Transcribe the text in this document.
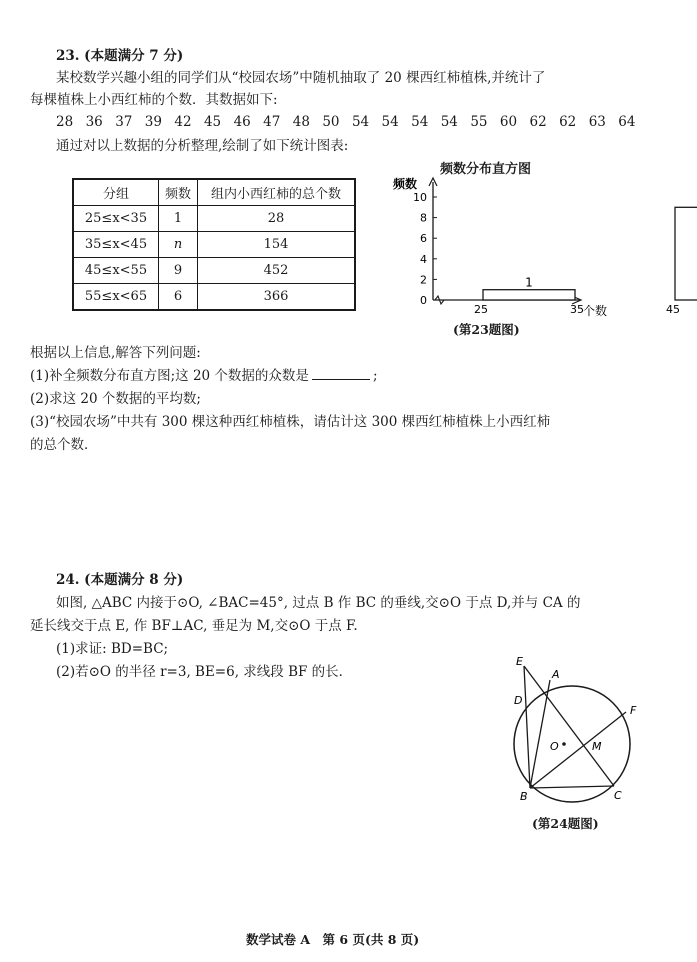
23. (本题满分 7 分)
某校数学兴趣小组的同学们从“校园农场”中随机抽取了 20 棵西红柿植株,并统计了
每棵植株上小西红柿的个数．其数据如下:
28 36 37 39 42 45 46 47 48 50 54 54 54 54 55 60 62 62 63 64
通过对以上数据的分析整理,绘制了如下统计图表:
分组	频数	组内小西红柿的总个数
25≤x<35	1	28
35≤x<45	n	154
45≤x<55	9	452
55≤x<65	6	366
频数分布直方图
0
2
4
6
8
10
25	35	45
频数
个数
1
(第23题图)
根据以上信息,解答下列问题:
(1)补全频数分布直方图;这 20 个数据的众数是	;
(2)求这 20 个数据的平均数;
(3)“校园农场”中共有 300 棵这种西红柿植株，请估计这 300 棵西红柿植株上小西红柿
的总个数．
24. (本题满分 8 分)
如图, △ABC 内接于⊙O, ∠BAC=45°, 过点 B 作 BC 的垂线,交⊙O 于点 D,并与 CA 的
延长线交于点 E, 作 BF⊥AC, 垂足为 M,交⊙O 于点 F.
(1)求证: BD=BC;
(2)若⊙O 的半径 r=3, BE=6, 求线段 BF 的长．
E
A
D
F
O	M
B	C
(第24题图)
数学试卷 A　第 6 页(共 8 页)
